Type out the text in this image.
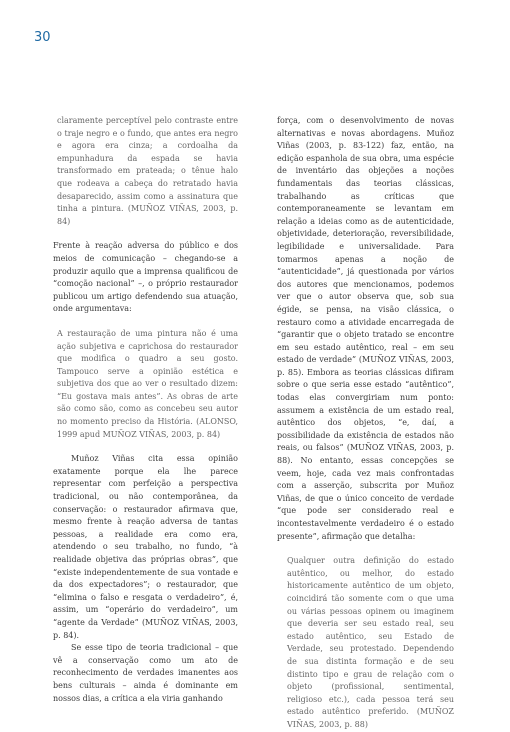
30

claramente perceptível pelo contraste entre o traje negro e o fundo, que antes era negro e agora era cinza; a cordoalha da empunhadura da espada se havia transformado em prateada; o tênue halo que rodeava a cabeça do retratado havia desaparecido, assim como a assinatura que tinha a pintura. (MUÑOZ VIÑAS, 2003, p. 84)

Frente à reação adversa do público e dos meios de comunicação – chegando-se a produzir aquilo que a imprensa qualificou de “comoção nacional” –, o próprio restaurador publicou um artigo defendendo sua atuação, onde argumentava:

A restauração de uma pintura não é uma ação subjetiva e caprichosa do restaurador que modifica o quadro a seu gosto. Tampouco serve a opinião estética e subjetiva dos que ao ver o resultado dizem: “Eu gostava mais antes”. As obras de arte são como são, como as concebeu seu autor no momento preciso da História. (ALONSO, 1999 apud MUÑOZ VIÑAS, 2003, p. 84)

Muñoz Viñas cita essa opinião exatamente porque ela lhe parece representar com perfeição a perspectiva tradicional, ou não contemporânea, da conservação: o restaurador afirmava que, mesmo frente à reação adversa de tantas pessoas, a realidade era como era, atendendo o seu trabalho, no fundo, “à realidade objetiva das próprias obras”, que “existe independentemente de sua vontade e da dos expectadores”; o restaurador, que “elimina o falso e resgata o verdadeiro”, é, assim, um “operário do verdadeiro”, um “agente da Verdade” (MUÑOZ VIÑAS, 2003, p. 84).

Se esse tipo de teoria tradicional – que vê a conservação como um ato de reconhecimento de verdades imanentes aos bens culturais – ainda é dominante em nossos dias, a crítica a ela viria ganhando

força, com o desenvolvimento de novas alternativas e novas abordagens. Muñoz Viñas (2003, p. 83-122) faz, então, na edição espanhola de sua obra, uma espécie de inventário das objeções a noções fundamentais das teorias clássicas, trabalhando as críticas que contemporaneamente se levantam em relação a ideias como as de autenticidade, objetividade, deterioração, reversibilidade, legibilidade e universalidade. Para tomarmos apenas a noção de “autenticidade”, já questionada por vários dos autores que mencionamos, podemos ver que o autor observa que, sob sua égide, se pensa, na visão clássica, o restauro como a atividade encarregada de “garantir que o objeto tratado se encontre em seu estado autêntico, real – em seu estado de verdade” (MUÑOZ VIÑAS, 2003, p. 85). Embora as teorias clássicas difiram sobre o que seria esse estado “autêntico”, todas elas convergiriam num ponto: assumem a existência de um estado real, autêntico dos objetos, “e, daí, a possibilidade da existência de estados não reais, ou falsos” (MUÑOZ VIÑAS, 2003, p. 88). No entanto, essas concepções se veem, hoje, cada vez mais confrontadas com a asserção, subscrita por Muñoz Viñas, de que o único conceito de verdade “que pode ser considerado real e incontestavelmente verdadeiro é o estado presente”, afirmação que detalha:

Qualquer outra definição do estado autêntico, ou melhor, do estado historicamente autêntico de um objeto, coincidirá tão somente com o que uma ou várias pessoas opinem ou imaginem que deveria ser seu estado real, seu estado autêntico, seu Estado de Verdade, seu protestado. Dependendo de sua distinta formação e de seu distinto tipo e grau de relação com o objeto (profissional, sentimental, religioso etc.), cada pessoa terá seu estado autêntico preferido. (MUÑOZ VIÑAS, 2003, p. 88)
